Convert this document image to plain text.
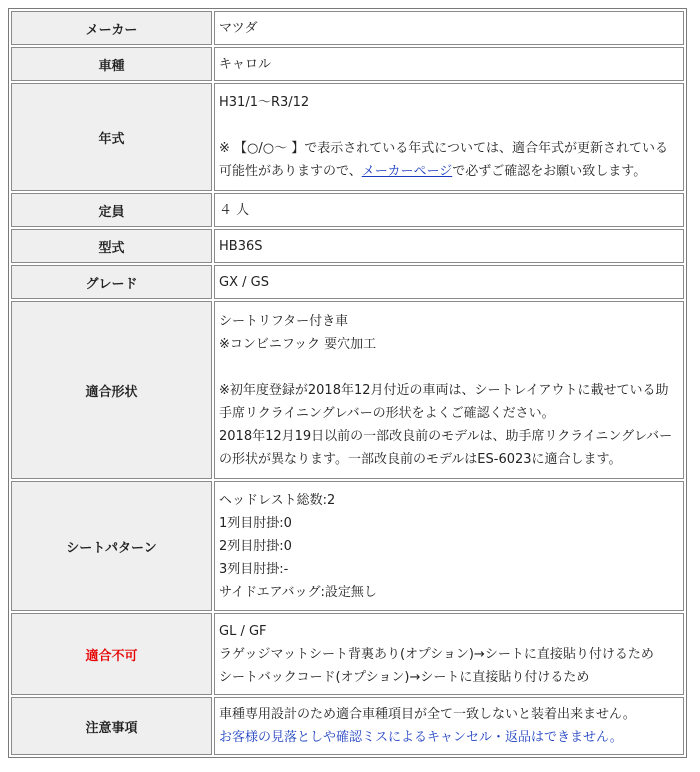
メーカー	マツダ
車種	キャロル
年式	H31/1～R3/12
※ 【○/○～ 】で表示されている年式については、適合年式が更新されている可能性がありますので、メーカーページで必ずご確認をお願い致します。

定員	４ 人
型式	HB36S
グレード	GX / GS
適合形状	シートリフター付き車
※コンビニフック 要穴加工
※初年度登録が2018年12月付近の車両は、シートレイアウトに載せている助手席リクライニングレバーの形状をよくご確認ください。
2018年12月19日以前の一部改良前のモデルは、助手席リクライニングレバーの形状が異なります。一部改良前のモデルはES-6023に適合します。

シートパターン	ヘッドレスト総数:2
1列目肘掛:0
2列目肘掛:0
3列目肘掛:-
サイドエアバッグ:設定無し

適合不可	GL / GF
ラゲッジマットシート背裏あり(オプション)→シートに直接貼り付けるため
シートバックコード(オプション)→シートに直接貼り付けるため

注意事項	車種専用設計のため適合車種項目が全て一致しないと装着出来ません。
お客様の見落としや確認ミスによるキャンセル・返品はできません。
